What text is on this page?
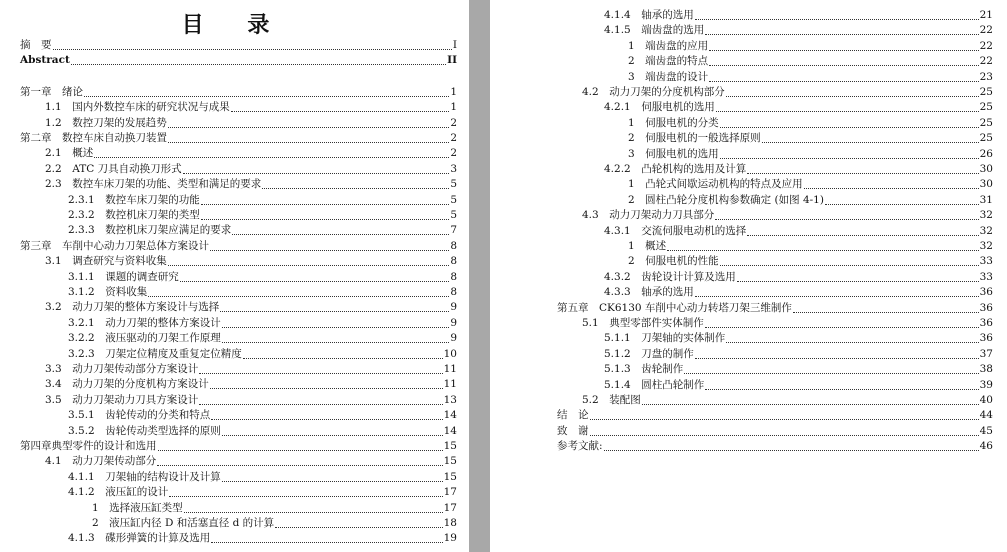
目 录
摘　要	I
Abstract	II
第一章 　绪论	1
1.1 　国内外数控车床的研究状况与成果	1
1.2 　数控刀架的发展趋势	2
第二章 　数控车床自动换刀装置	2
2.1 　概述	2
2.2 　ATC 刀具自动换刀形式	3
2.3 　数控车床刀架的功能、类型和满足的要求	5
2.3.1 　数控车床刀架的功能	5
2.3.2 　数控机床刀架的类型	5
2.3.3 　数控机床刀架应满足的要求	7
第三章 　车削中心动力刀架总体方案设计	8
3.1 　调查研究与资料收集	8
3.1.1 　课题的调查研究	8
3.1.2 　资料收集	8
3.2 　动力刀架的整体方案设计与选择	9
3.2.1 　动力刀架的整体方案设计	9
3.2.2 　液压驱动的刀架工作原理	9
3.2.3 　刀架定位精度及重复定位精度	10
3.3 　动力刀架传动部分方案设计	11
3.4 　动力刀架的分度机构方案设计	11
3.5 　动力刀架动力刀具方案设计	13
3.5.1 　齿轮传动的分类和特点	14
3.5.2 　齿轮传动类型选择的原则	14
第四章 典型零件的设计和选用	15
4.1 　动力刀架传动部分	15
4.1.1 　刀架轴的结构设计及计算	15
4.1.2 　液压缸的设计	17
1 　选择液压缸类型	17
2 　液压缸内径 D 和活塞直径 d 的计算	18
4.1.3 　碟形弹簧的计算及选用	19
4.1.4 　轴承的选用	21
4.1.5 　端齿盘的选用	22
1 　端齿盘的应用	22
2 　端齿盘的特点	22
3 　端齿盘的设计	23
4.2 　动力刀架的分度机构部分	25
4.2.1 　伺服电机的选用	25
1 　伺服电机的分类	25
2 　伺服电机的一般选择原则	25
3 　伺服电机的选用	26
4.2.2 　凸轮机构的选用及计算	30
1 　凸轮式间歇运动机构的特点及应用	30
2 　圆柱凸轮分度机构参数确定 (如图 4-1)	31
4.3 　动力刀架动力刀具部分	32
4.3.1 　交流伺服电动机的选择	32
1 　概述	32
2 　伺服电机的性能	33
4.3.2 　齿轮设计计算及选用	33
4.3.3 　轴承的选用	36
第五章 　CK6130 车削中心动力转塔刀架三维制作	36
5.1 　典型零部件实体制作	36
5.1.1 　刀架轴的实体制作	36
5.1.2 　刀盘的制作	37
5.1.3 　齿轮制作	38
5.1.4 　圆柱凸轮制作	39
5.2 　装配图	40
结　论	44
致　谢	45
参考文献:	46
